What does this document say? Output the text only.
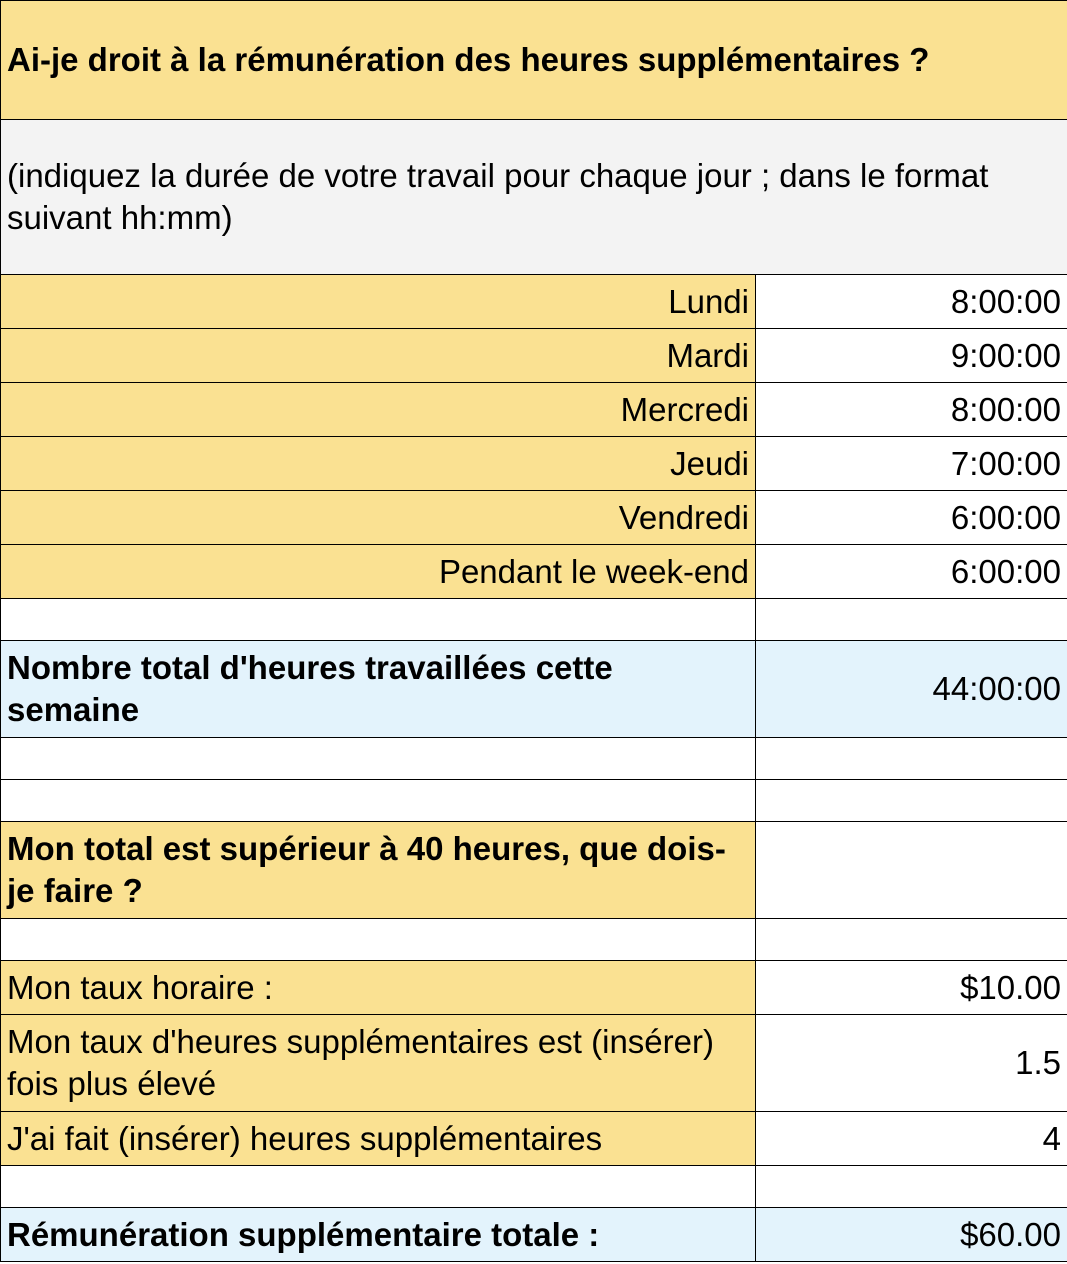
Ai-je droit à la rémunération des heures supplémentaires ?	
(indiquez la durée de votre travail pour chaque jour ; dans le format suivant hh:mm)	
Lundi	8:00:00
Mardi	9:00:00
Mercredi	8:00:00
Jeudi	7:00:00
Vendredi	6:00:00
Pendant le week-end	6:00:00

Nombre total d'heures travaillées cette semaine	44:00:00

Mon total est supérieur à 40 heures, que dois-je faire ?	

Mon taux horaire :	$10.00
Mon taux d'heures supplémentaires est (insérer) fois plus élevé	1.5
J'ai fait (insérer) heures supplémentaires	4

Rémunération supplémentaire totale :	$60.00
